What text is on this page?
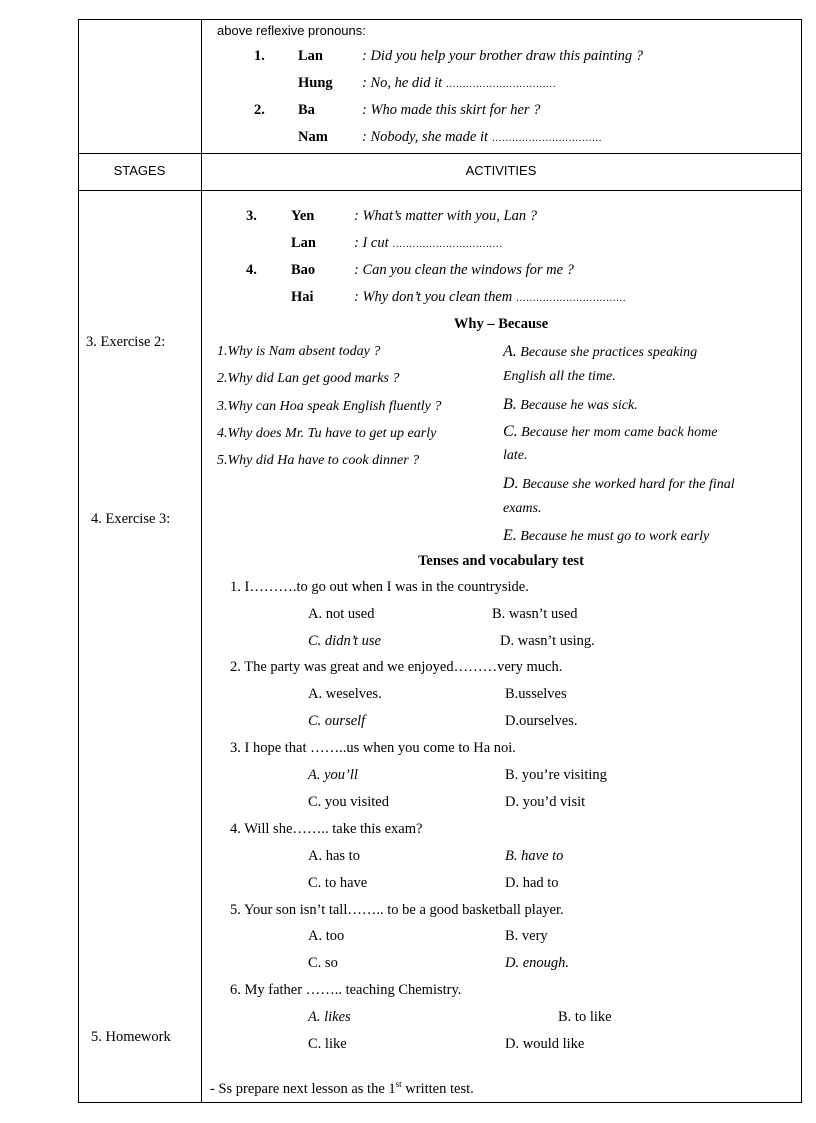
above reflexive pronouns:
1. Lan	: Did you help your brother draw this painting ?
Hung : No, he did it ……………………………
2. Ba	: Who made this skirt for her ?
Nam : Nobody, she made it ……………………………
STAGES	ACTIVITIES
3. Exercise 2:
4. Exercise 3:
5. Homework
3. Yen	: What’s matter with you, Lan ?
Lan	: I cut ……………………………
4. Bao	: Can you clean the windows for me ?
Hai	: Why don’t you clean them ……………………………
Why – Because
1.Why is Nam absent today ?
2.Why did Lan get good marks ?
3.Why can Hoa speak English fluently ?
4.Why does Mr. Tu have to get up early
5.Why did Ha have to cook dinner ?
A. Because she practices speaking
English all the time.
B. Because he was sick.
C. Because her mom came back home
late.
D. Because she worked hard for the final
exams.
E. Because he must go to work early
Tenses and vocabulary test
1. I……….to go out when I was in the countryside.
A. not used	B. wasn’t used
C. didn’t use	D. wasn’t using.
2. The party was great and we enjoyed………very much.
A. weselves.	B.usselves
C. ourself	D.ourselves.
3. I hope that ……..us when you come to Ha noi.
A. you’ll	B. you’re visiting
C. you visited	D. you’d visit
4. Will she…….. take this exam?
A. has to	B. have to
C. to have	D. had to
5. Your son isn’t tall…….. to be a good basketball player.
A. too	B. very
C. so	D. enough.
6. My father …….. teaching Chemistry.
A. likes	B. to like
C. like	D. would like
- Ss prepare next lesson as the 1st written test.
